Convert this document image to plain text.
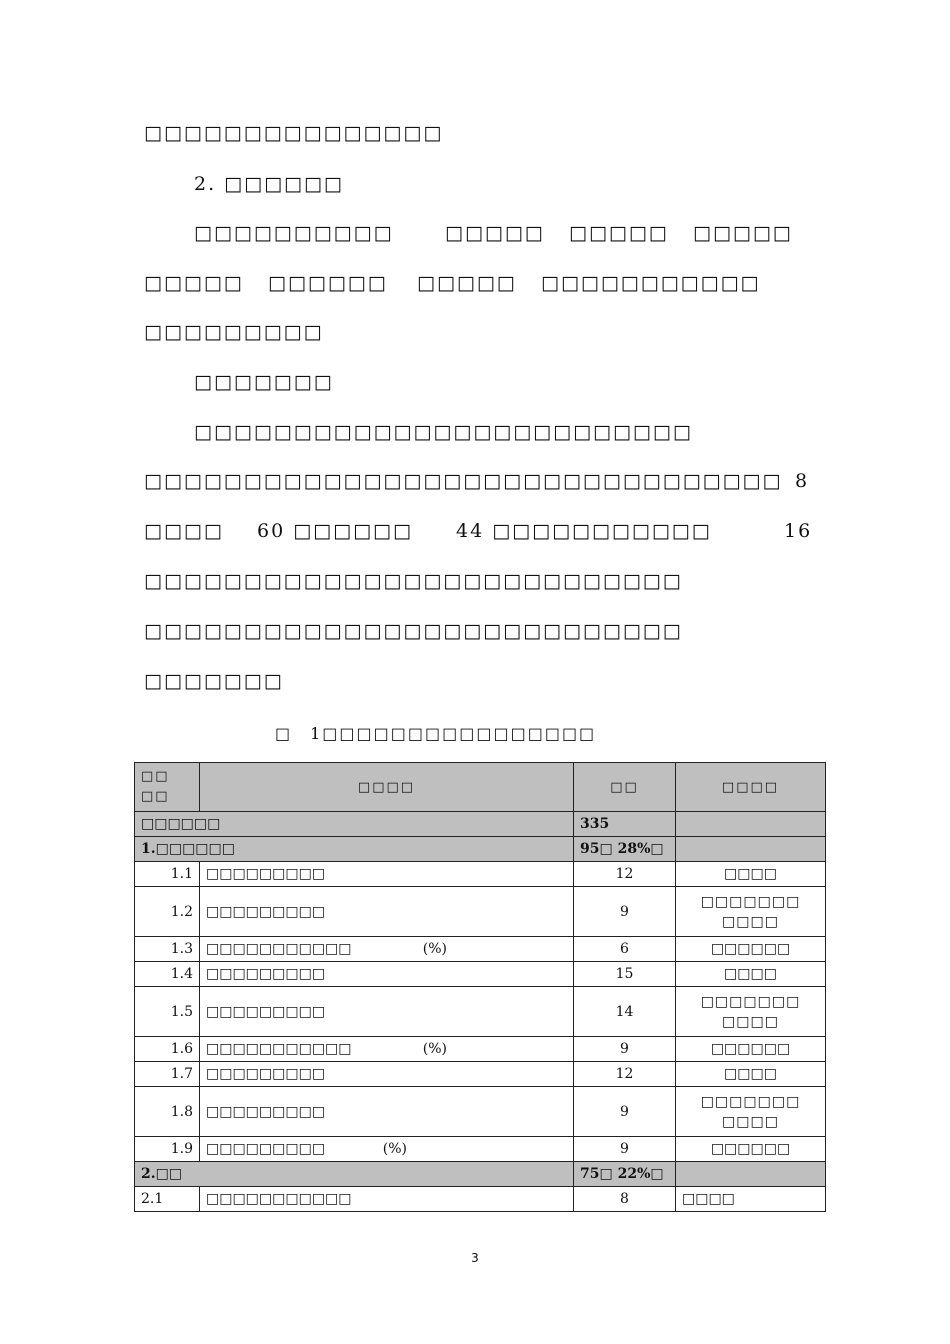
□□□□□□□□□□□□□□□
2. □□□□□□
□□□□□□□□□□	□□□□□ □□□□□ □□□□□
□□□□□ □□□□□□ □□□□□ □□□□□□□□□□□
□□□□□□□□□
□□□□□□□
□□□□□□□□□□□□□□□□□□□□□□□□□
□□□□□□□□□□□□□□□□□□□□□□□□□□□□□□□□ 8
□□□□ 60 □□□□□□ 44 □□□□□□□□□□□	16
□□□□□□□□□□□□□□□□□□□□□□□□□□□
□□□□□□□□□□□□□□□□□□□□□□□□□□□
□□□□□□□
□　1□□□□□□□□□□□□□□□□
□□
□□	□□□□	□□	□□□□
□□□□□□		335	
1.□□□□□□		95□ 28%□	
1.1	□□□□□□□□□	12	□□□□
1.2	□□□□□□□□□	9	□□□□□□□
□□□□
1.3	□□□□□□□□□□□ (%)	6	□□□□□□
1.4	□□□□□□□□□	15	□□□□
1.5	□□□□□□□□□	14	□□□□□□□
□□□□
1.6	□□□□□□□□□□□ (%)	9	□□□□□□
1.7	□□□□□□□□□	12	□□□□
1.8	□□□□□□□□□	9	□□□□□□□
□□□□
1.9	□□□□□□□□□ (%)	9	□□□□□□
2.□□		75□ 22%□	
2.1	□□□□□□□□□□□	8	□□□□
3
